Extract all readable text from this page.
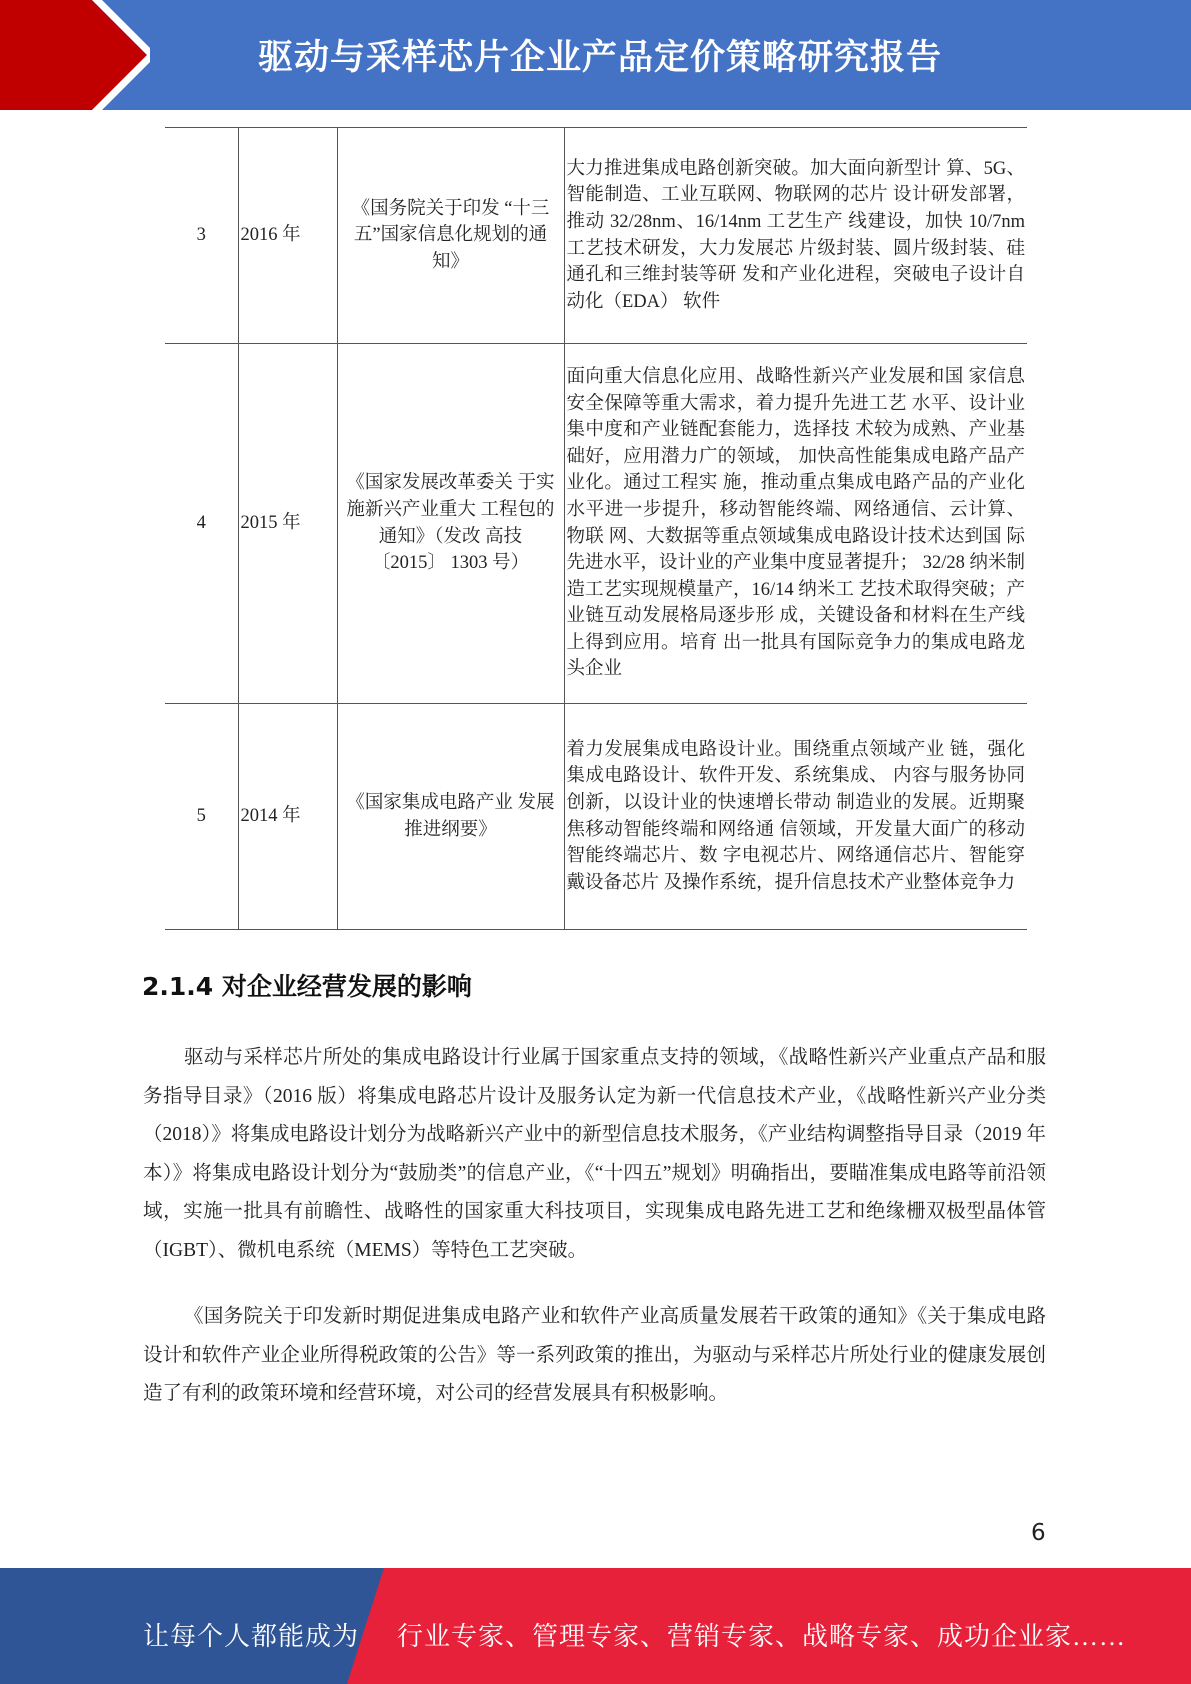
驱动与采样芯片企业产品定价策略研究报告
3	2016 年	《国务院关于印发 “十三五”国家信息化规划的通知》	大力推进集成电路创新突破。加大面向新型计 算、5G、智能制造、工业互联网、物联网的芯片 设计研发部署，推动 32/28nm、16/14nm 工艺生产 线建设，加快 10/7nm 工艺技术研发，大力发展芯 片级封装、圆片级封装、硅通孔和三维封装等研 发和产业化进程，突破电子设计自动化（EDA） 软件
4	2015 年	《国家发展改革委关 于实施新兴产业重大 工程包的通知》（发改 高技〔2015〕 1303 号）	面向重大信息化应用、战略性新兴产业发展和国 家信息安全保障等重大需求，着力提升先进工艺 水平、设计业集中度和产业链配套能力，选择技 术较为成熟、产业基础好，应用潜力广的领域， 加快高性能集成电路产品产业化。通过工程实 施，推动重点集成电路产品的产业化水平进一步提升，移动智能终端、网络通信、云计算、物联 网、大数据等重点领域集成电路设计技术达到国 际先进水平，设计业的产业集中度显著提升； 32/28 纳米制造工艺实现规模量产，16/14 纳米工 艺技术取得突破；产业链互动发展格局逐步形 成，关键设备和材料在生产线上得到应用。培育 出一批具有国际竞争力的集成电路龙头企业
5	2014 年	《国家集成电路产业 发展推进纲要》	着力发展集成电路设计业。围绕重点领域产业 链，强化集成电路设计、软件开发、系统集成、 内容与服务协同创新，以设计业的快速增长带动 制造业的发展。近期聚焦移动智能终端和网络通 信领域，开发量大面广的移动智能终端芯片、数 字电视芯片、网络通信芯片、智能穿戴设备芯片 及操作系统，提升信息技术产业整体竞争力
2.1.4 对企业经营发展的影响

驱动与采样芯片所处的集成电路设计行业属于国家重点支持的领域，《战略性新兴产业重点产品和服务指导目录》（2016 版）将集成电路芯片设计及服务认定为新一代信息技术产业，《战略性新兴产业分类（2018）》将集成电路设计划分为战略新兴产业中的新型信息技术服务，《产业结构调整指导目录（2019 年本）》将集成电路设计划分为“鼓励类”的信息产业，《“十四五”规划》明确指出，要瞄准集成电路等前沿领域，实施一批具有前瞻性、战略性的国家重大科技项目，实现集成电路先进工艺和绝缘栅双极型晶体管（IGBT）、微机电系统（MEMS）等特色工艺突破。

《国务院关于印发新时期促进集成电路产业和软件产业高质量发展若干政策的通知》《关于集成电路设计和软件产业企业所得税政策的公告》等一系列政策的推出，为驱动与采样芯片所处行业的健康发展创造了有利的政策环境和经营环境，对公司的经营发展具有积极影响。

6
让每个人都能成为 行业专家、管理专家、营销专家、战略专家、成功企业家……
